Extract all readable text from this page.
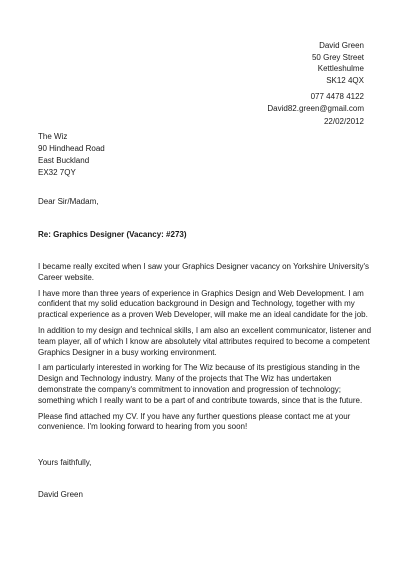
David Green
50 Grey Street
Kettleshulme
SK12 4QX
077 4478 4122
David82.green@gmail.com
22/02/2012
The Wiz
90 Hindhead Road
East Buckland
EX32 7QY
Dear Sir/Madam,
Re: Graphics Designer (Vacancy: #273)
I became really excited when I saw your Graphics Designer vacancy on Yorkshire University's
Career website.
I have more than three years of experience in Graphics Design and Web Development. I am
confident that my solid education background in Design and Technology, together with my
practical experience as a proven Web Developer, will make me an ideal candidate for the job.
In addition to my design and technical skills, I am also an excellent communicator, listener and
team player, all of which I know are absolutely vital attributes required to become a competent
Graphics Designer in a busy working environment.
I am particularly interested in working for The Wiz because of its prestigious standing in the
Design and Technology industry. Many of the projects that The Wiz has undertaken
demonstrate the company's commitment to innovation and progression of technology;
something which I really want to be a part of and contribute towards, since that is the future.
Please find attached my CV. If you have any further questions please contact me at your
convenience. I'm looking forward to hearing from you soon!
Yours faithfully,
David Green
